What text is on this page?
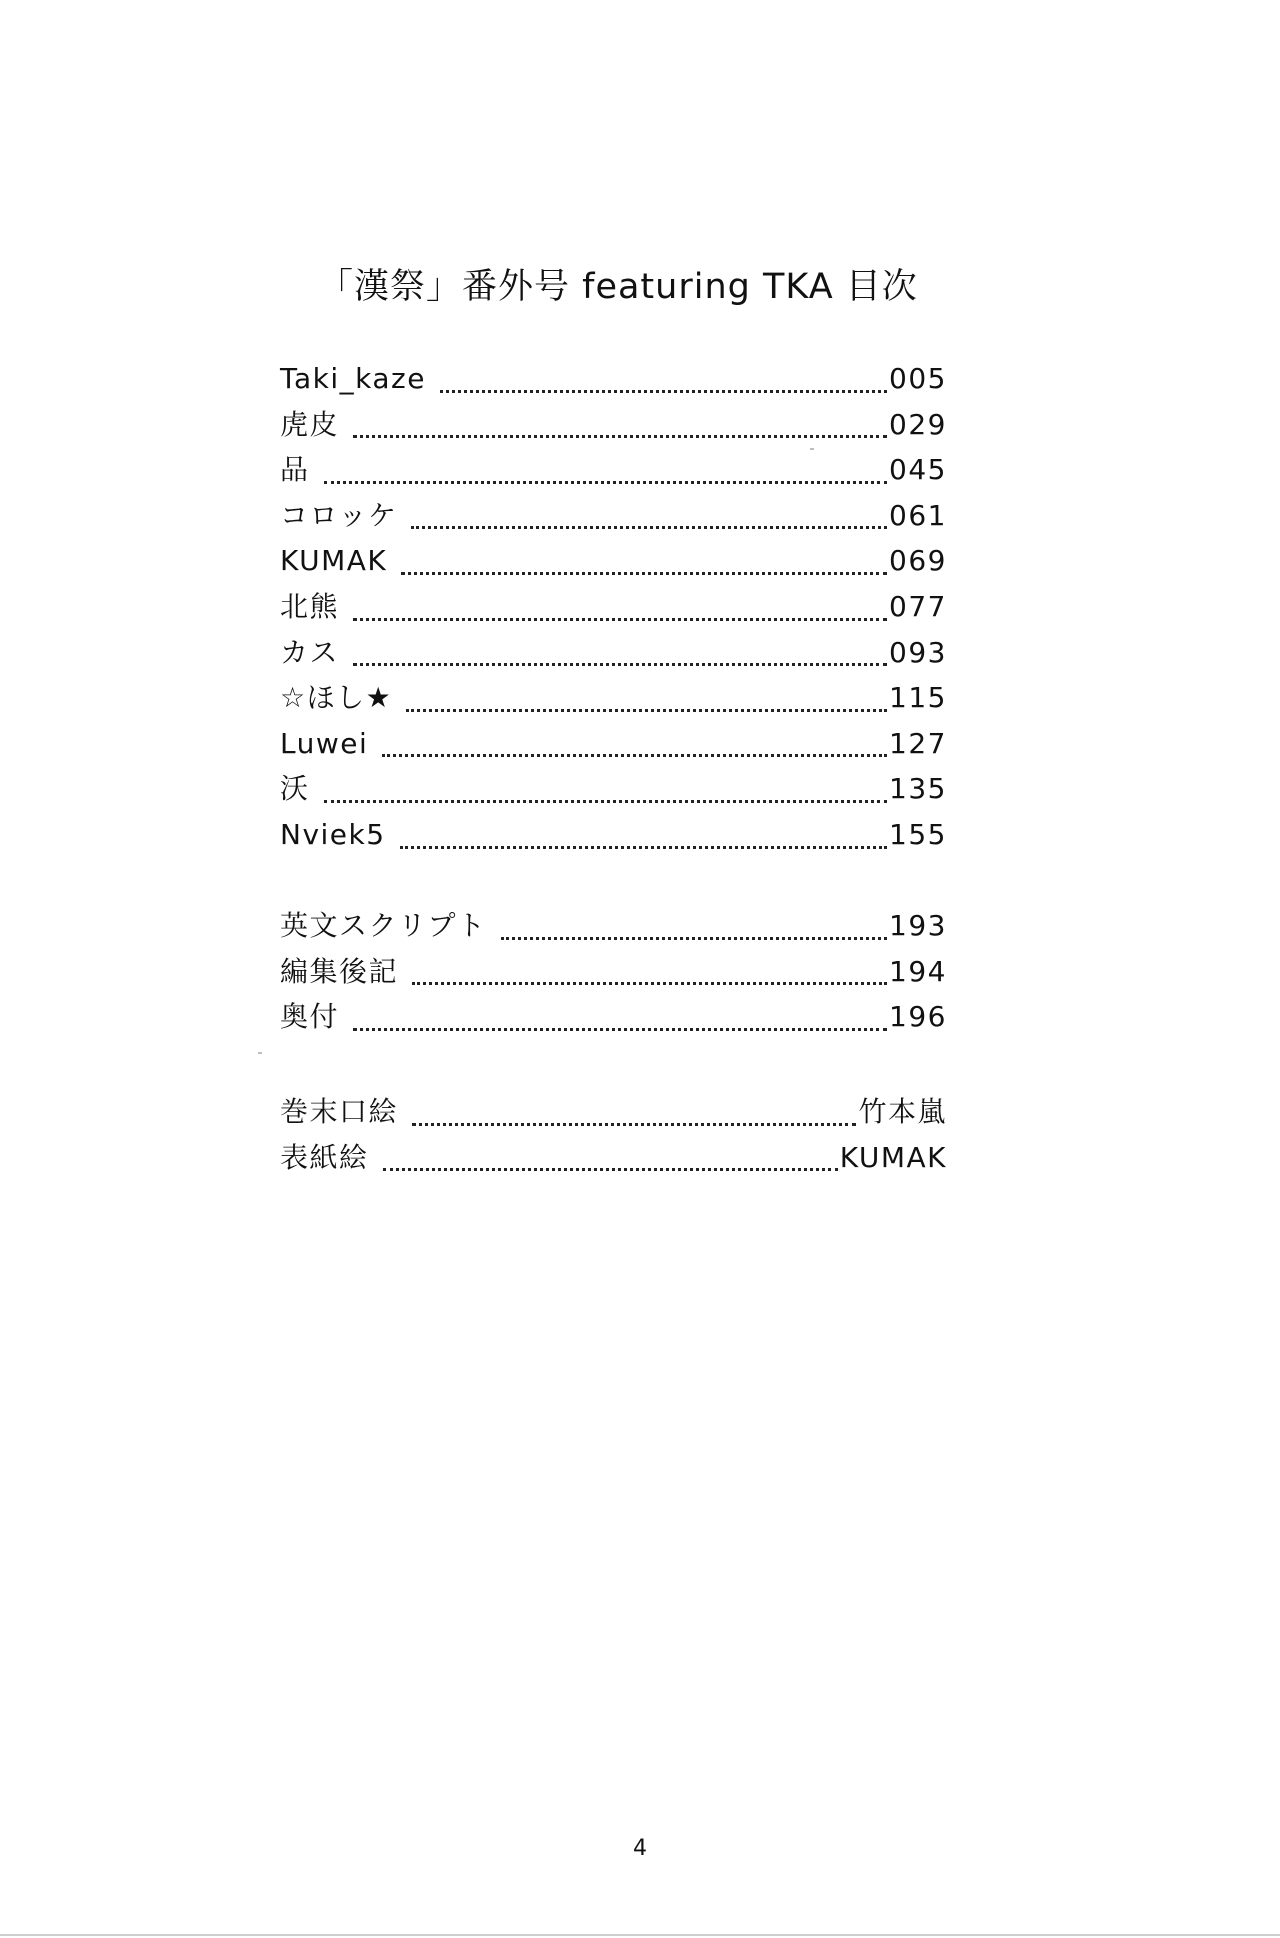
「漢祭」番外号 featuring TKA 目次
Taki_kaze	005
虎皮	029
品	045
コロッケ	061
KUMAK	069
北熊	077
カス	093
☆ほし★	115
Luwei	127
沃	135
Nviek5	155
英文スクリプト	193
編集後記	194
奥付	196
巻末口絵	竹本嵐
表紙絵	KUMAK
4
